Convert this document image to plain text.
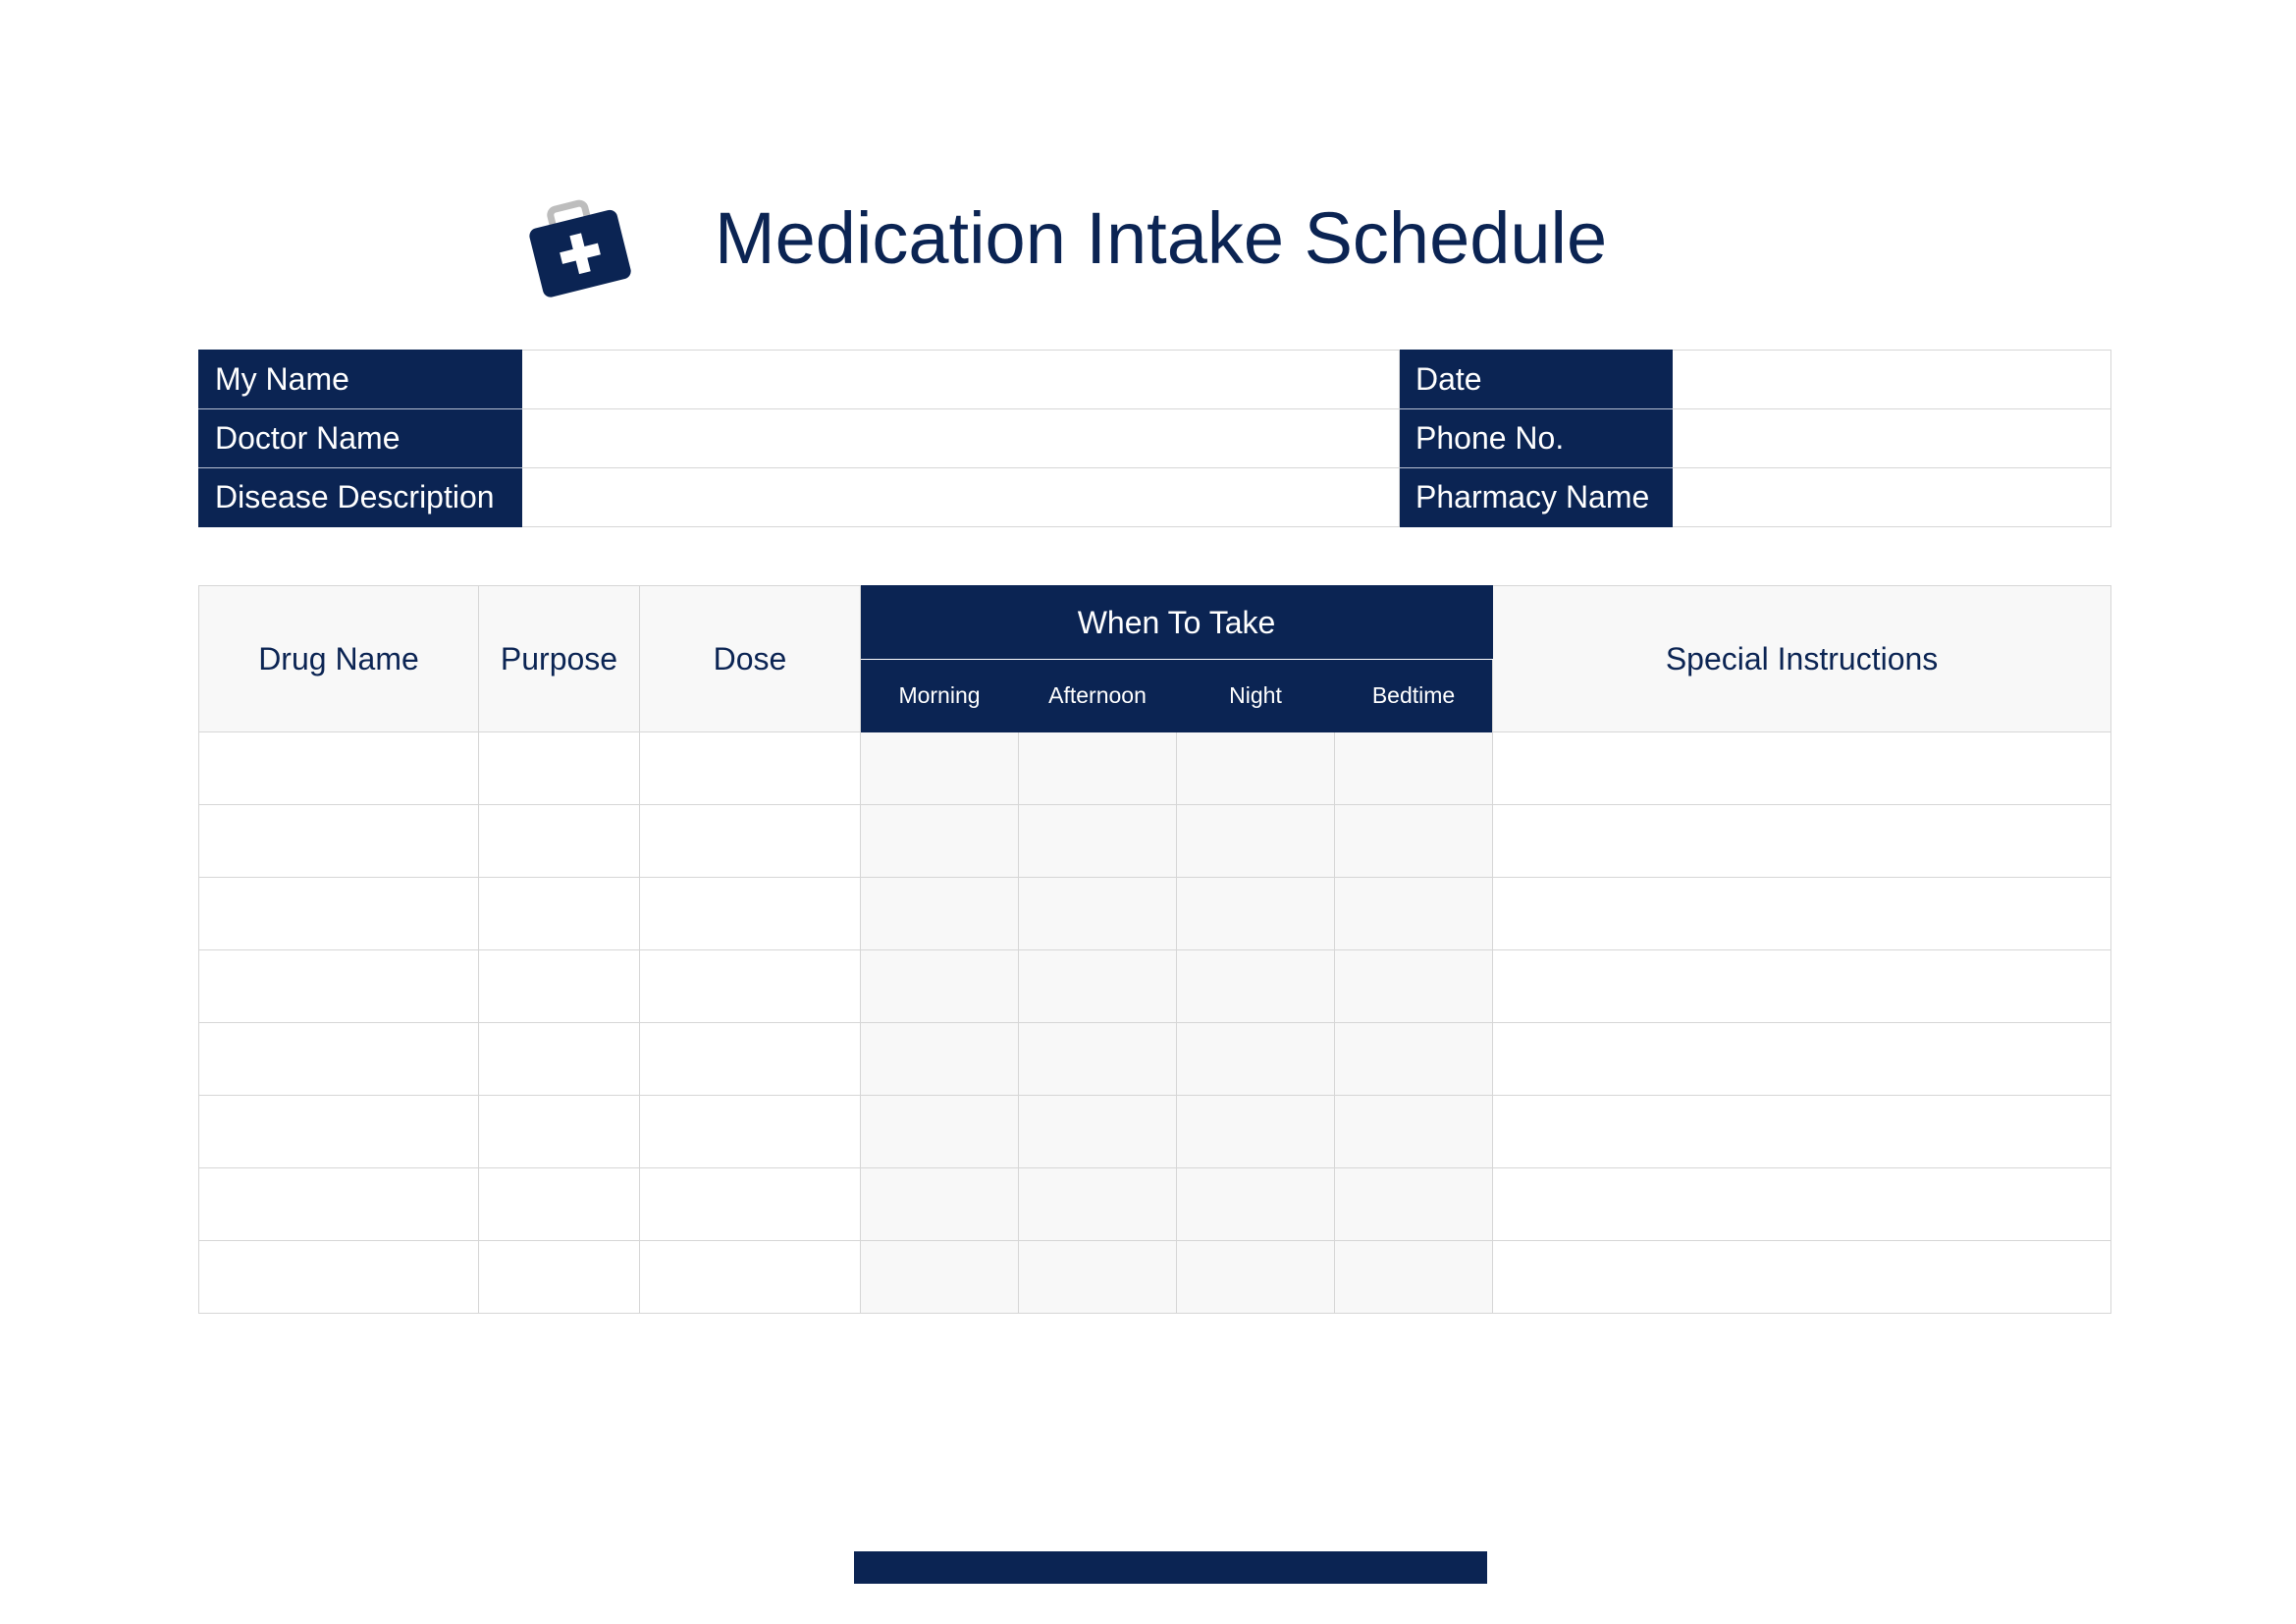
Medication Intake Schedule
My Name		Date	
Doctor Name		Phone No.	
Disease Description		Pharmacy Name	
Drug Name	Purpose	Dose	When To Take				Special Instructions
			Morning	Afternoon	Night	Bedtime	
